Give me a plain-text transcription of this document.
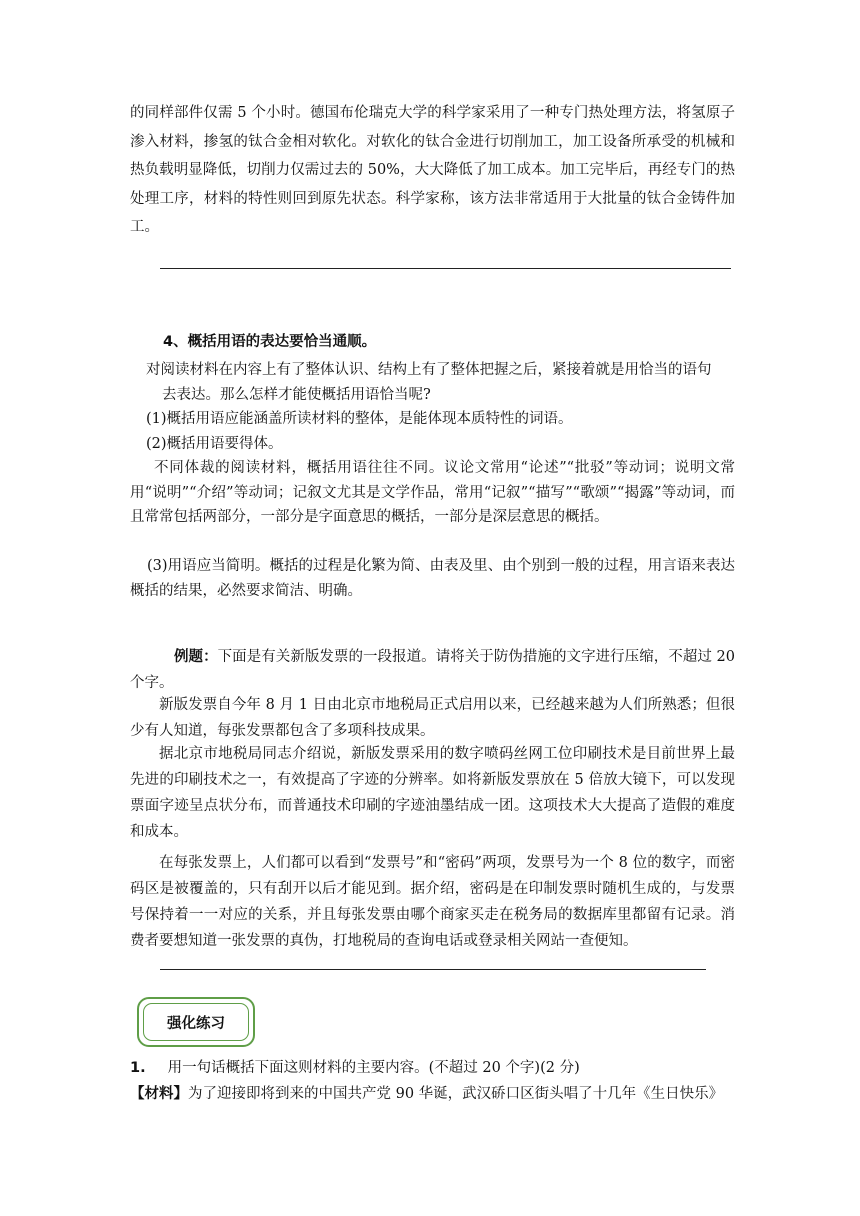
的同样部件仅需 5 个小时。德国布伦瑞克大学的科学家采用了一种专门热处理方法，将氢原子渗入材料，掺氢的钛合金相对软化。对软化的钛合金进行切削加工，加工设备所承受的机械和热负载明显降低，切削力仅需过去的 50%，大大降低了加工成本。加工完毕后，再经专门的热处理工序，材料的特性则回到原先状态。科学家称，该方法非常适用于大批量的钛合金铸件加工。

4、概括用语的表达要恰当通顺。
对阅读材料在内容上有了整体认识、结构上有了整体把握之后，紧接着就是用恰当的语句
去表达。那么怎样才能使概括用语恰当呢?
(1)概括用语应能涵盖所读材料的整体，是能体现本质特性的词语。
(2)概括用语要得体。

不同体裁的阅读材料，概括用语往往不同。议论文常用“论述”“批驳”等动词；说明文常用“说明”“介绍”等动词；记叙文尤其是文学作品，常用“记叙”“描写”“歌颂”“揭露”等动词，而且常常包括两部分，一部分是字面意思的概括，一部分是深层意思的概括。

(3)用语应当简明。概括的过程是化繁为简、由表及里、由个别到一般的过程，用言语来表达概括的结果，必然要求简洁、明确。

例题：下面是有关新版发票的一段报道。请将关于防伪措施的文字进行压缩，不超过 20 个字。

新版发票自今年 8 月 1 日由北京市地税局正式启用以来，已经越来越为人们所熟悉；但很少有人知道，每张发票都包含了多项科技成果。

据北京市地税局同志介绍说，新版发票采用的数字喷码丝网工位印刷技术是目前世界上最先进的印刷技术之一，有效提高了字迹的分辨率。如将新版发票放在 5 倍放大镜下，可以发现票面字迹呈点状分布，而普通技术印刷的字迹油墨结成一团。这项技术大大提高了造假的难度和成本。

在每张发票上，人们都可以看到“发票号”和“密码”两项，发票号为一个 8 位的数字，而密码区是被覆盖的，只有刮开以后才能见到。据介绍，密码是在印制发票时随机生成的，与发票号保持着一一对应的关系，并且每张发票由哪个商家买走在税务局的数据库里都留有记录。消费者要想知道一张发票的真伪，打地税局的查询电话或登录相关网站一查便知。

强化练习
1. 用一句话概括下面这则材料的主要内容。(不超过 20 个字)(2 分)
【材料】为了迎接即将到来的中国共产党 90 华诞，武汉硚口区街头唱了十几年《生日快乐》
